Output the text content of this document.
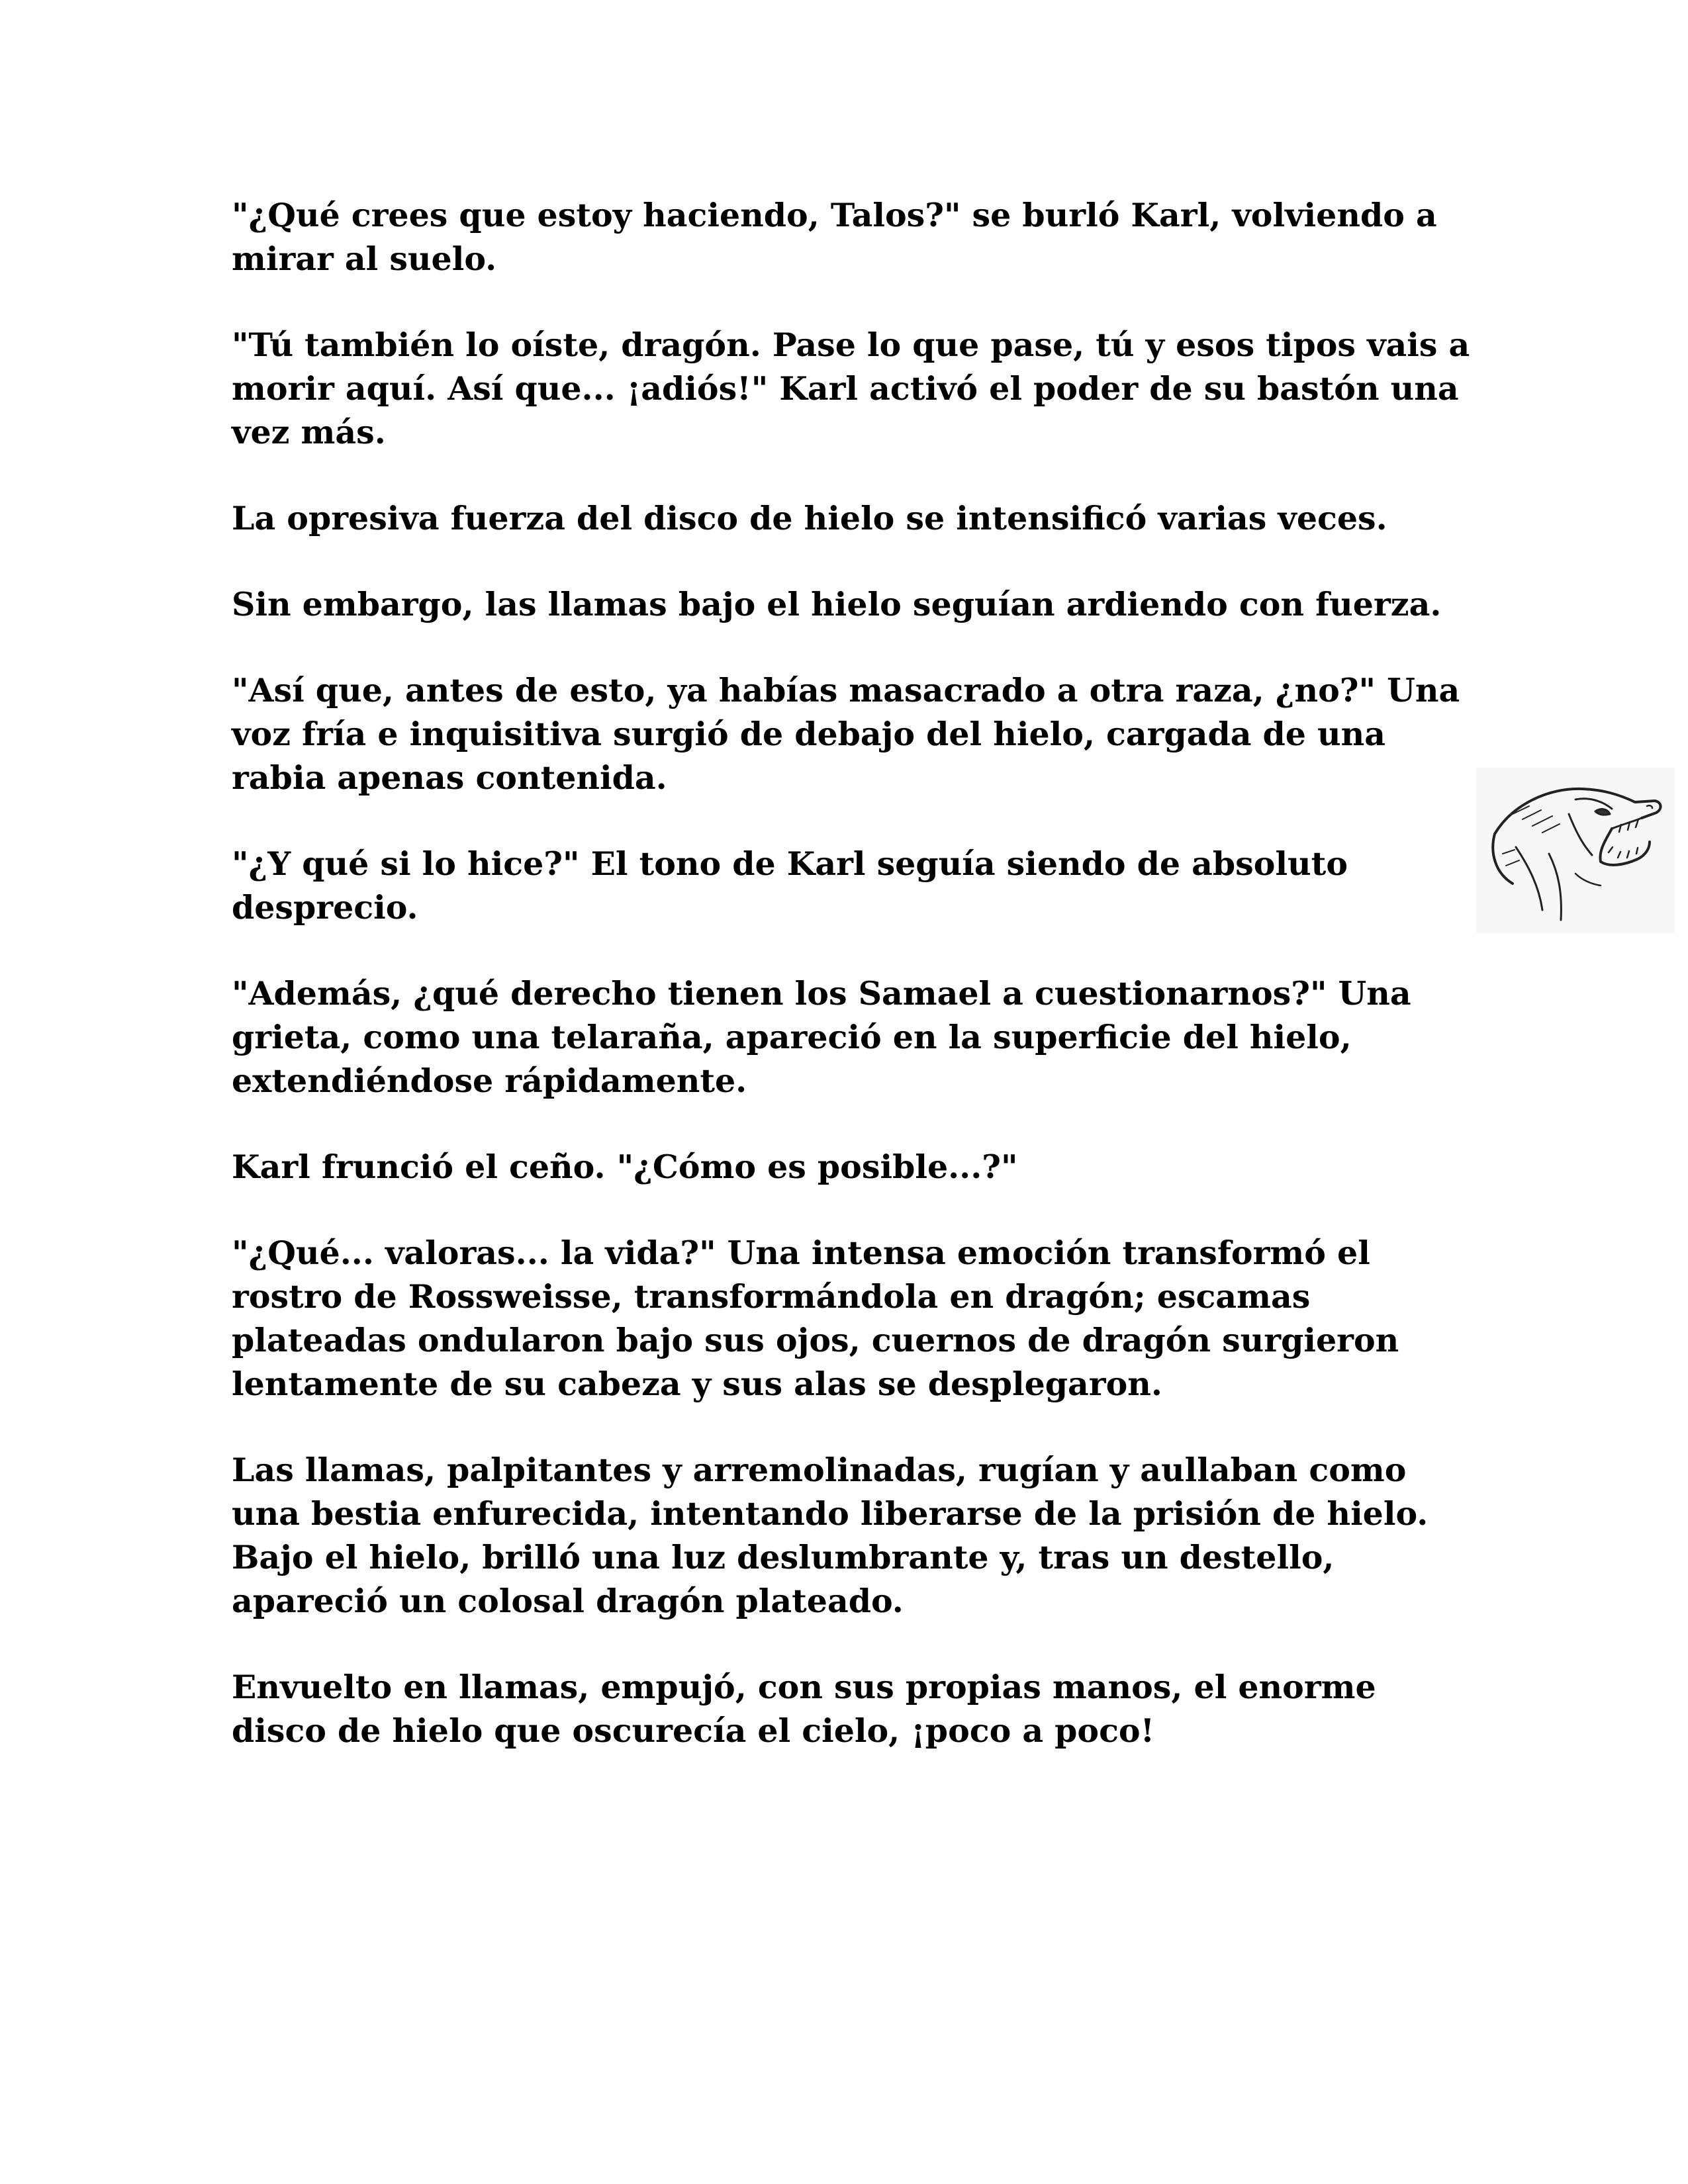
"¿Qué crees que estoy haciendo, Talos?" se burló Karl, volviendo a mirar al suelo.

"Tú también lo oíste, dragón. Pase lo que pase, tú y esos tipos vais a morir aquí. Así que... ¡adiós!" Karl activó el poder de su bastón una vez más.

La opresiva fuerza del disco de hielo se intensificó varias veces.

Sin embargo, las llamas bajo el hielo seguían ardiendo con fuerza.

"Así que, antes de esto, ya habías masacrado a otra raza, ¿no?" Una voz fría e inquisitiva surgió de debajo del hielo, cargada de una rabia apenas contenida.

"¿Y qué si lo hice?" El tono de Karl seguía siendo de absoluto desprecio.

"Además, ¿qué derecho tienen los Samael a cuestionarnos?" Una grieta, como una telaraña, apareció en la superficie del hielo, extendiéndose rápidamente.

Karl frunció el ceño. "¿Cómo es posible...?"

"¿Qué... valoras... la vida?" Una intensa emoción transformó el rostro de Rossweisse, transformándola en dragón; escamas plateadas ondularon bajo sus ojos, cuernos de dragón surgieron lentamente de su cabeza y sus alas se desplegaron.

Las llamas, palpitantes y arremolinadas, rugían y aullaban como una bestia enfurecida, intentando liberarse de la prisión de hielo. Bajo el hielo, brilló una luz deslumbrante y, tras un destello, apareció un colosal dragón plateado.

Envuelto en llamas, empujó, con sus propias manos, el enorme disco de hielo que oscurecía el cielo, ¡poco a poco!
